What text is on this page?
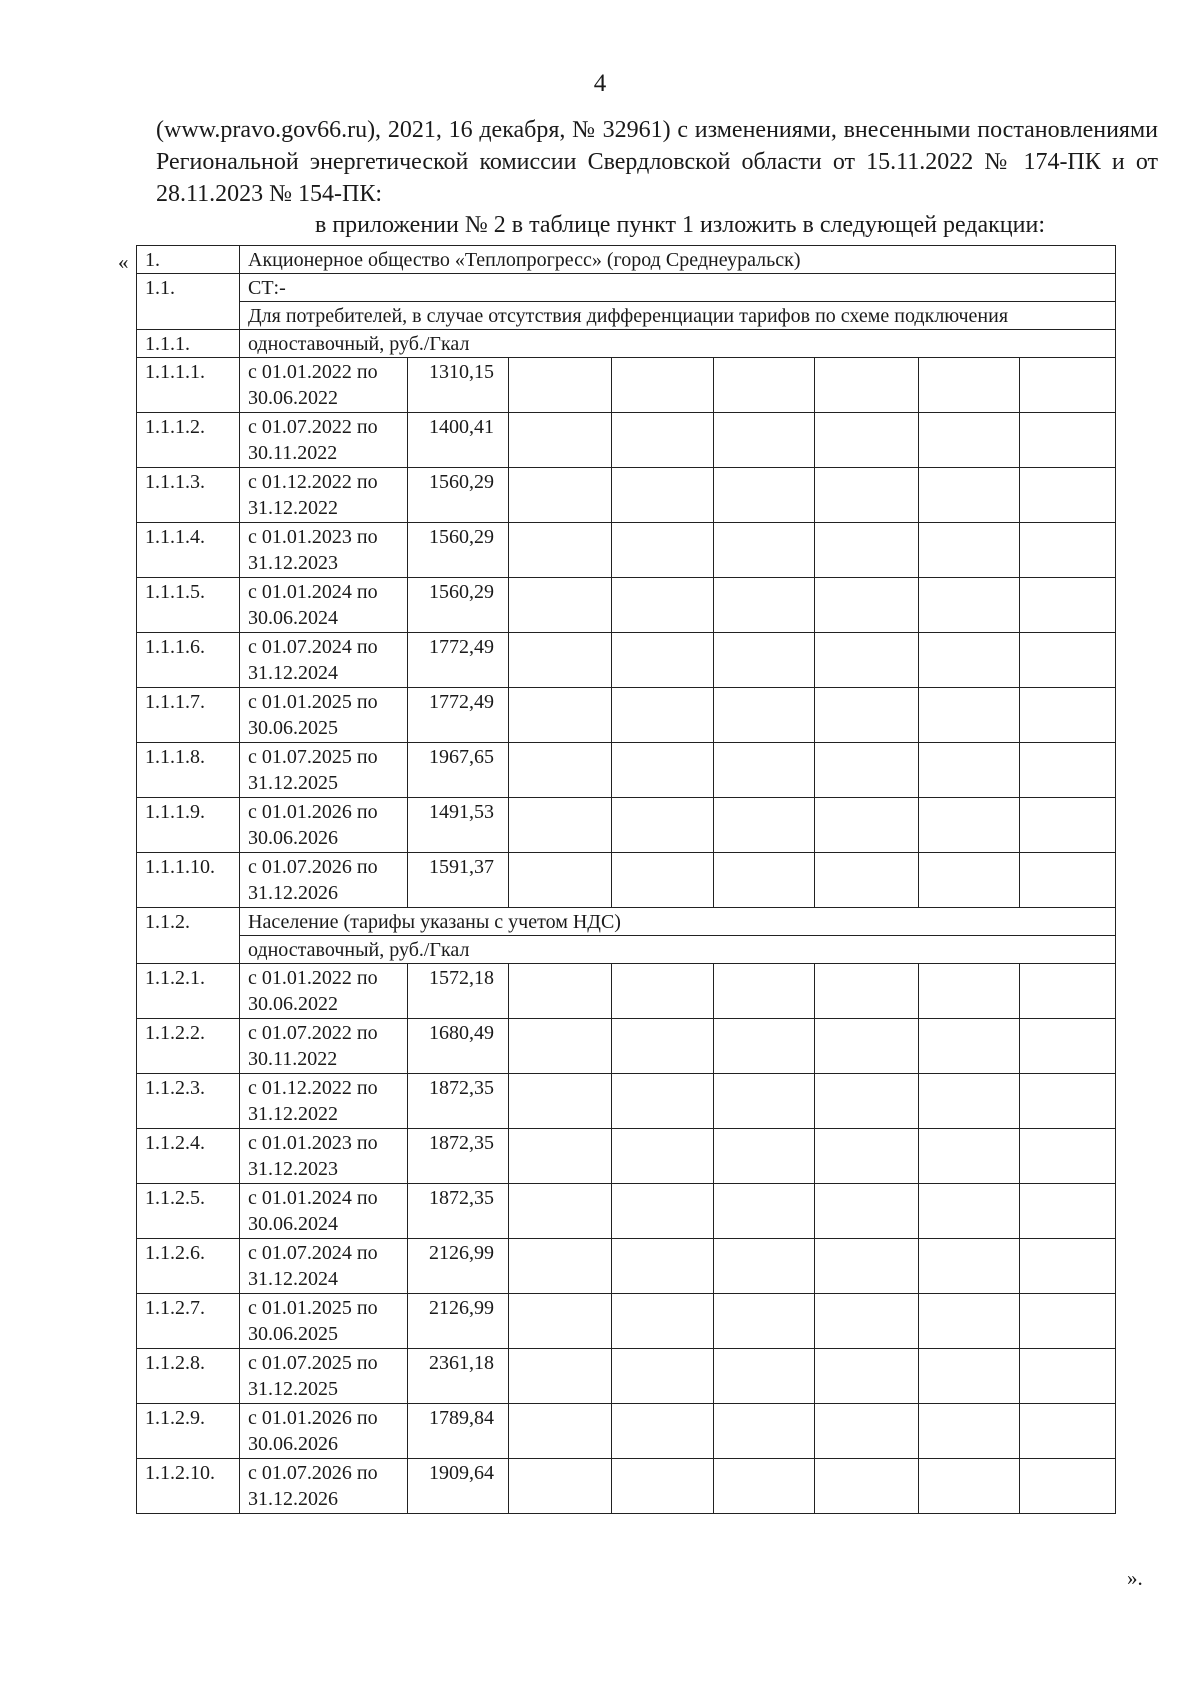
4

(www.pravo.gov66.ru), 2021, 16 декабря, № 32961) с изменениями, внесенными постановлениями Региональной энергетической комиссии Свердловской области от 15.11.2022 № 174-ПК и от 28.11.2023 № 154-ПК:

в приложении № 2 в таблице пункт 1 изложить в следующей редакции:

« 1.	Акционерное общество «Теплопрогресс» (город Среднеуральск)							
1.1.	СТ:-							
	Для потребителей, в случае отсутствия дифференциации тарифов по схеме подключения							
1.1.1.	одноставочный, руб./Гкал							
1.1.1.1.	с 01.01.2022 по 30.06.2022	1310,15						
1.1.1.2.	с 01.07.2022 по 30.11.2022	1400,41						
1.1.1.3.	с 01.12.2022 по 31.12.2022	1560,29						
1.1.1.4.	с 01.01.2023 по 31.12.2023	1560,29						
1.1.1.5.	с 01.01.2024 по 30.06.2024	1560,29						
1.1.1.6.	с 01.07.2024 по 31.12.2024	1772,49						
1.1.1.7.	с 01.01.2025 по 30.06.2025	1772,49						
1.1.1.8.	с 01.07.2025 по 31.12.2025	1967,65						
1.1.1.9.	с 01.01.2026 по 30.06.2026	1491,53						
1.1.1.10.	с 01.07.2026 по 31.12.2026	1591,37						
1.1.2.	Население (тарифы указаны с учетом НДС)							
	одноставочный, руб./Гкал							
1.1.2.1.	с 01.01.2022 по 30.06.2022	1572,18						
1.1.2.2.	с 01.07.2022 по 30.11.2022	1680,49						
1.1.2.3.	с 01.12.2022 по 31.12.2022	1872,35						
1.1.2.4.	с 01.01.2023 по 31.12.2023	1872,35						
1.1.2.5.	с 01.01.2024 по 30.06.2024	1872,35						
1.1.2.6.	с 01.07.2024 по 31.12.2024	2126,99						
1.1.2.7.	с 01.01.2025 по 30.06.2025	2126,99						
1.1.2.8.	с 01.07.2025 по 31.12.2025	2361,18						
1.1.2.9.	с 01.01.2026 по 30.06.2026	1789,84						
1.1.2.10.	с 01.07.2026 по 31.12.2026	1909,64						
».
